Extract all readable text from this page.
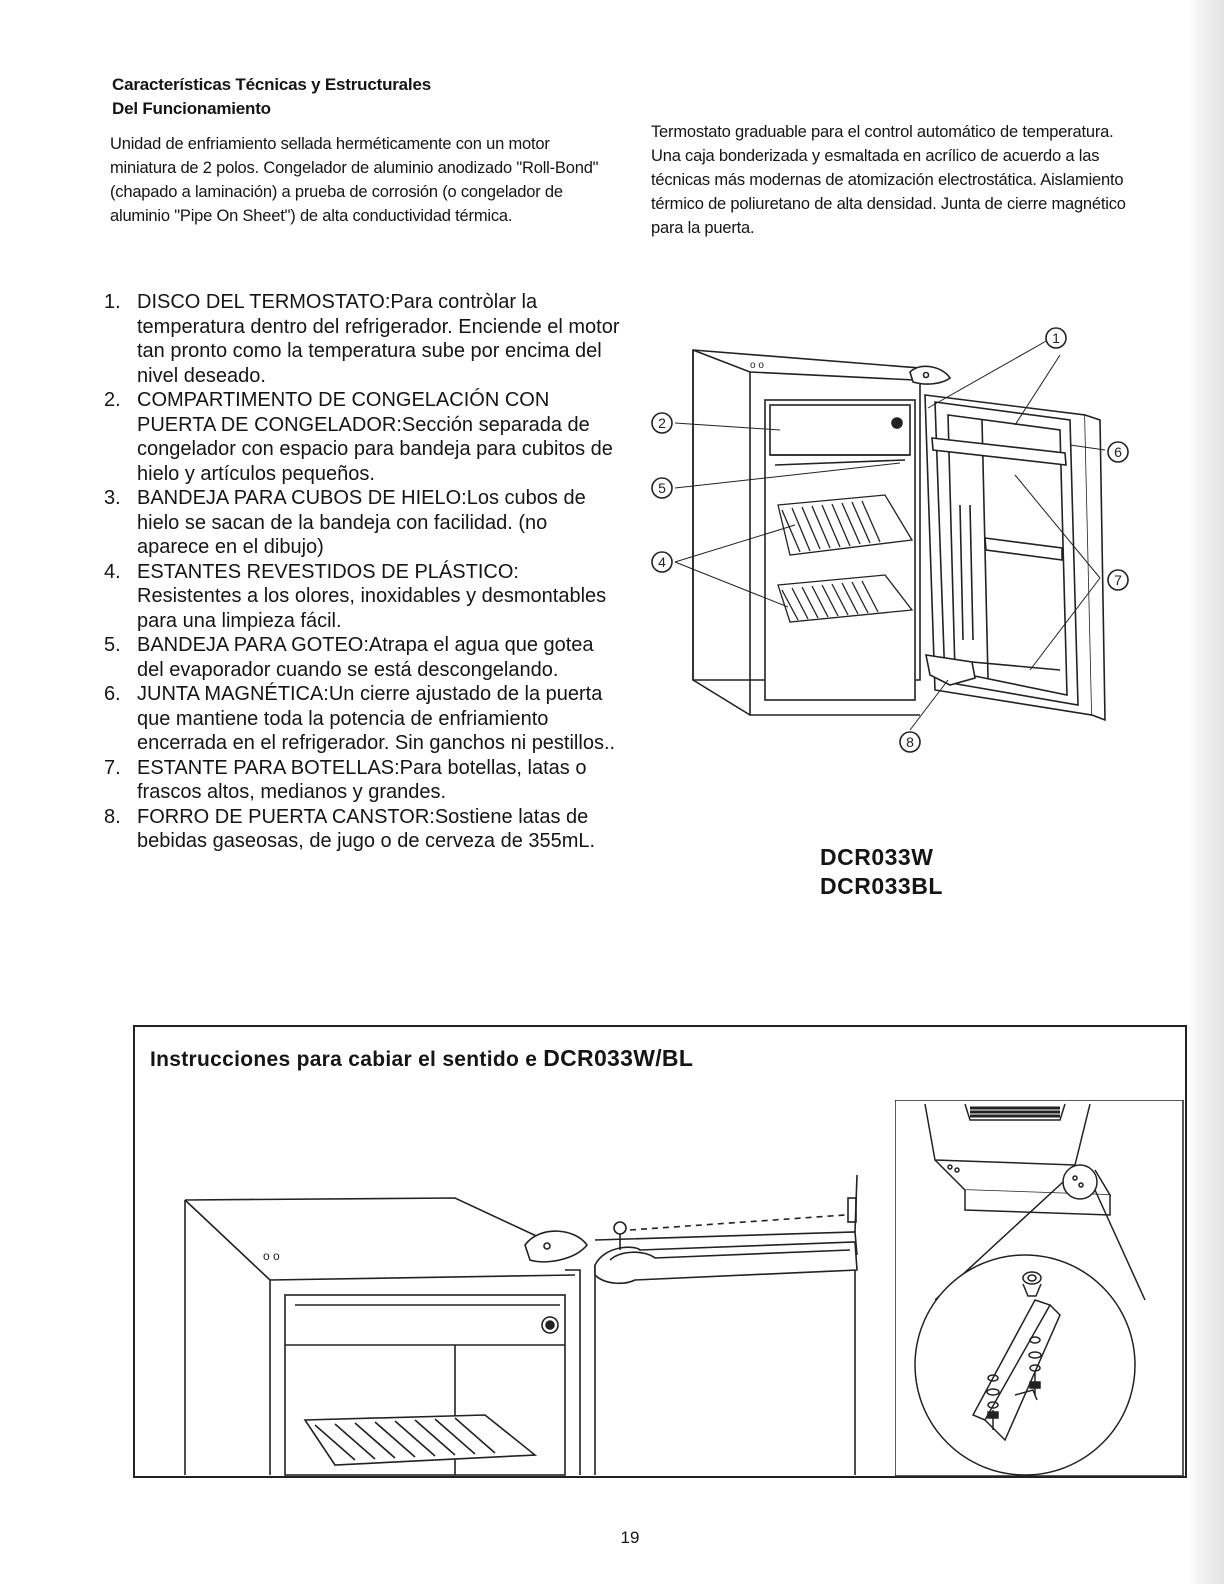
Características Técnicas y Estructurales
Del Funcionamiento
Unidad de enfriamiento sellada herméticamente con un motor miniatura de 2 polos. Congelador de aluminio anodizado "Roll-Bond" (chapado a laminación) a prueba de corrosión (o congelador de aluminio "Pipe On Sheet") de alta conductividad térmica.
Termostato graduable para el control automático de temperatura. Una caja bonderizada y esmaltada en acrílico de acuerdo a las técnicas más modernas de atomización electrostática. Aislamiento térmico de poliuretano de alta densidad. Junta de cierre magnético para la puerta.
1. DISCO DEL TERMOSTATO:Para contròlar la temperatura dentro del refrigerador. Enciende el motor tan pronto como la temperatura sube por encima del nivel deseado.
2. COMPARTIMENTO DE CONGELACIÓN CON PUERTA DE CONGELADOR:Sección separada de congelador con espacio para bandeja para cubitos de hielo y artículos pequeños.
3. BANDEJA PARA CUBOS DE HIELO:Los cubos de hielo se sacan de la bandeja con facilidad. (no aparece en el dibujo)
4. ESTANTES REVESTIDOS DE PLÁSTICO: Resistentes a los olores, inoxidables y desmontables para una limpieza fácil.
5. BANDEJA PARA GOTEO:Atrapa el agua que gotea del evaporador cuando se está descongelando.
6. JUNTA MAGNÉTICA:Un cierre ajustado de la puerta que mantiene toda la potencia de enfriamiento encerrada en el refrigerador. Sin ganchos ni pestillos..
7. ESTANTE PARA BOTELLAS:Para botellas, latas o frascos altos, medianos y grandes.
8. FORRO DE PUERTA CANSTOR:Sostiene latas de bebidas gaseosas, de jugo o de cerveza de 355mL.
o o
1
2
5
4
6
7
8
DCR033W
DCR033BL
Instrucciones para cabiar el sentido e DCR033W/BL
o o
19
